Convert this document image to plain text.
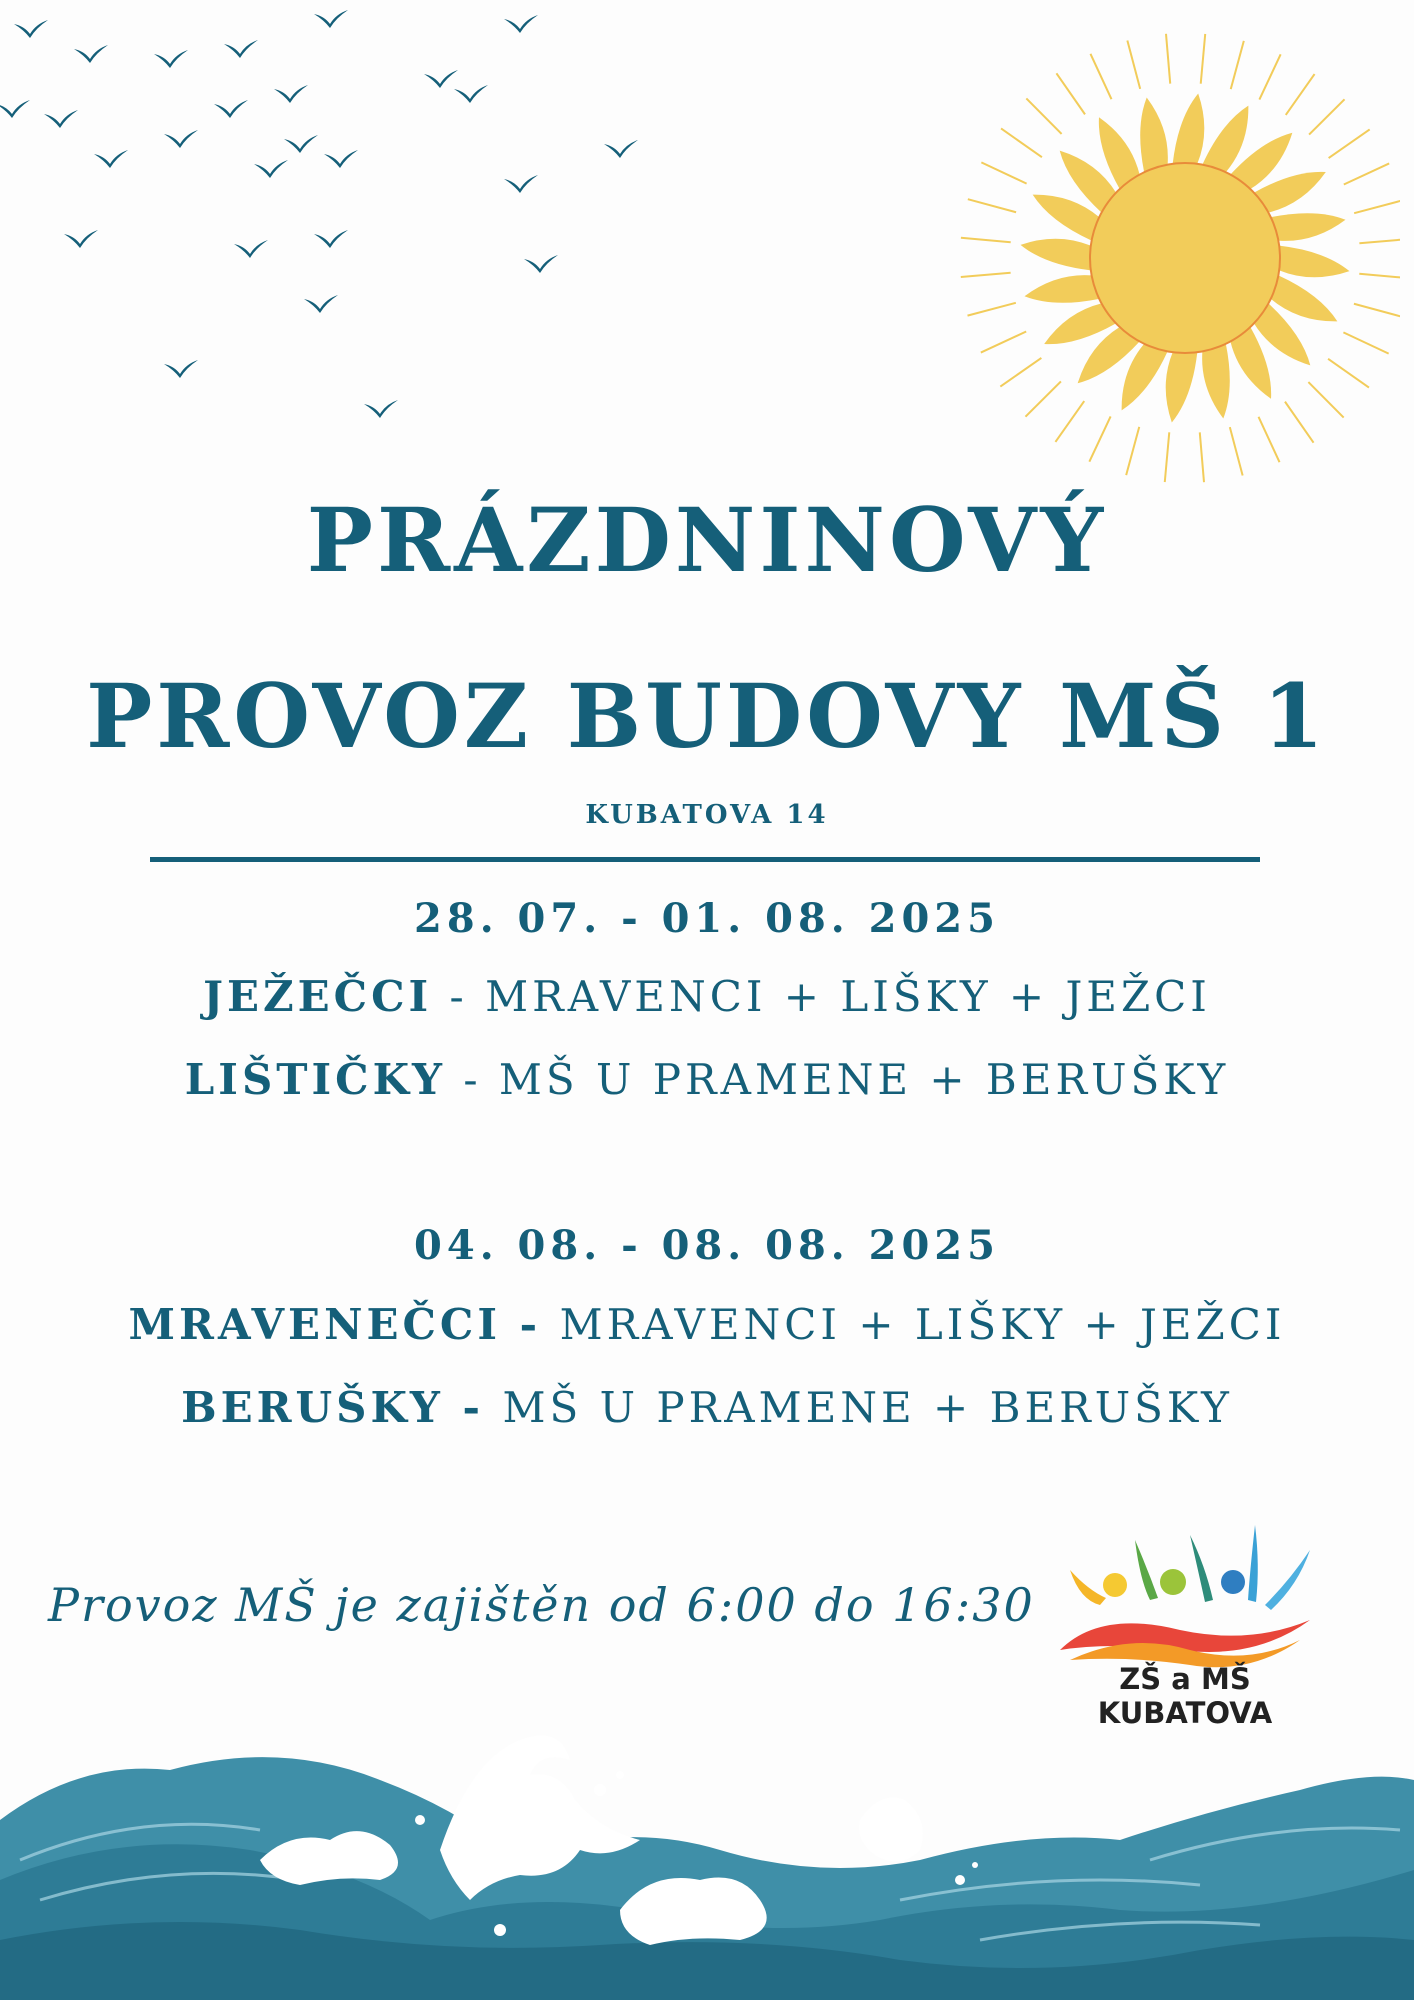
PRÁZDNINOVÝ
PROVOZ BUDOVY MŠ 1
KUBATOVA 14
28. 07. - 01. 08. 2025
JEŽEČCI - MRAVENCI + LIŠKY + JEŽCI
LIŠTIČKY - MŠ U PRAMENE + BERUŠKY
04. 08. - 08. 08. 2025
MRAVENEČCI - MRAVENCI + LIŠKY + JEŽCI
BERUŠKY - MŠ U PRAMENE + BERUŠKY
Provoz MŠ je zajištěn od 6:00 do 16:30
ZŠ a MŠ KUBATOVA
